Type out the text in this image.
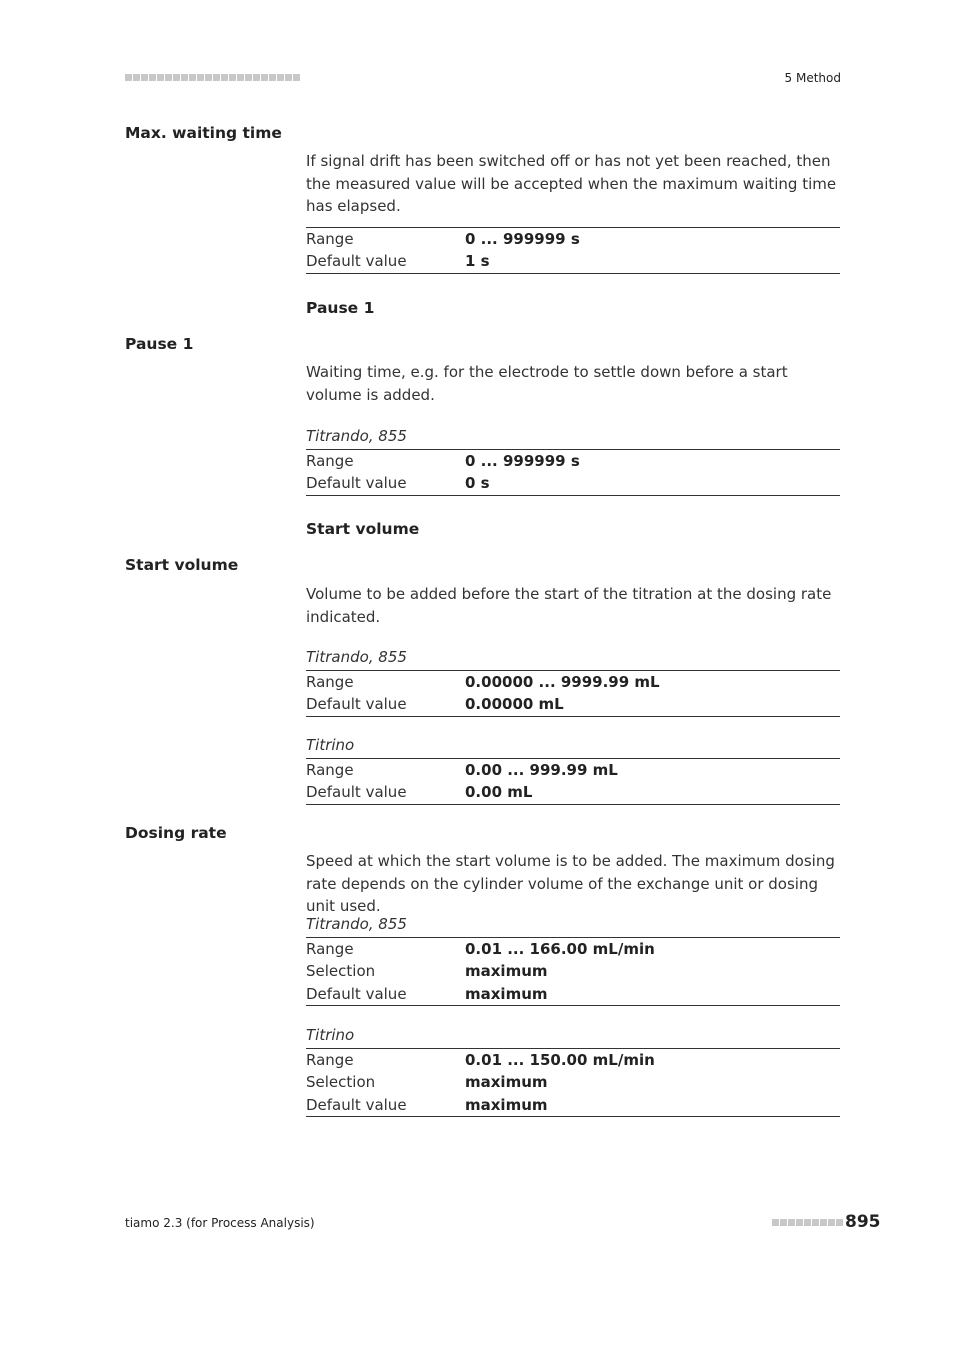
5 Method
Max. waiting time
If signal drift has been switched off or has not yet been reached, then the measured value will be accepted when the maximum waiting time has elapsed.
Range	0 ... 999999 s
Default value	1 s
Pause 1
Pause 1
Waiting time, e.g. for the electrode to settle down before a start volume is added.
Titrando, 855
Range	0 ... 999999 s
Default value	0 s
Start volume
Start volume
Volume to be added before the start of the titration at the dosing rate indicated.
Titrando, 855
Range	0.00000 ... 9999.99 mL
Default value	0.00000 mL
Titrino
Range	0.00 ... 999.99 mL
Default value	0.00 mL
Dosing rate
Speed at which the start volume is to be added. The maximum dosing rate depends on the cylinder volume of the exchange unit or dosing unit used.
Titrando, 855
Range	0.01 ... 166.00 mL/min
Selection	maximum
Default value	maximum
Titrino
Range	0.01 ... 150.00 mL/min
Selection	maximum
Default value	maximum
tiamo 2.3 (for Process Analysis)	895
